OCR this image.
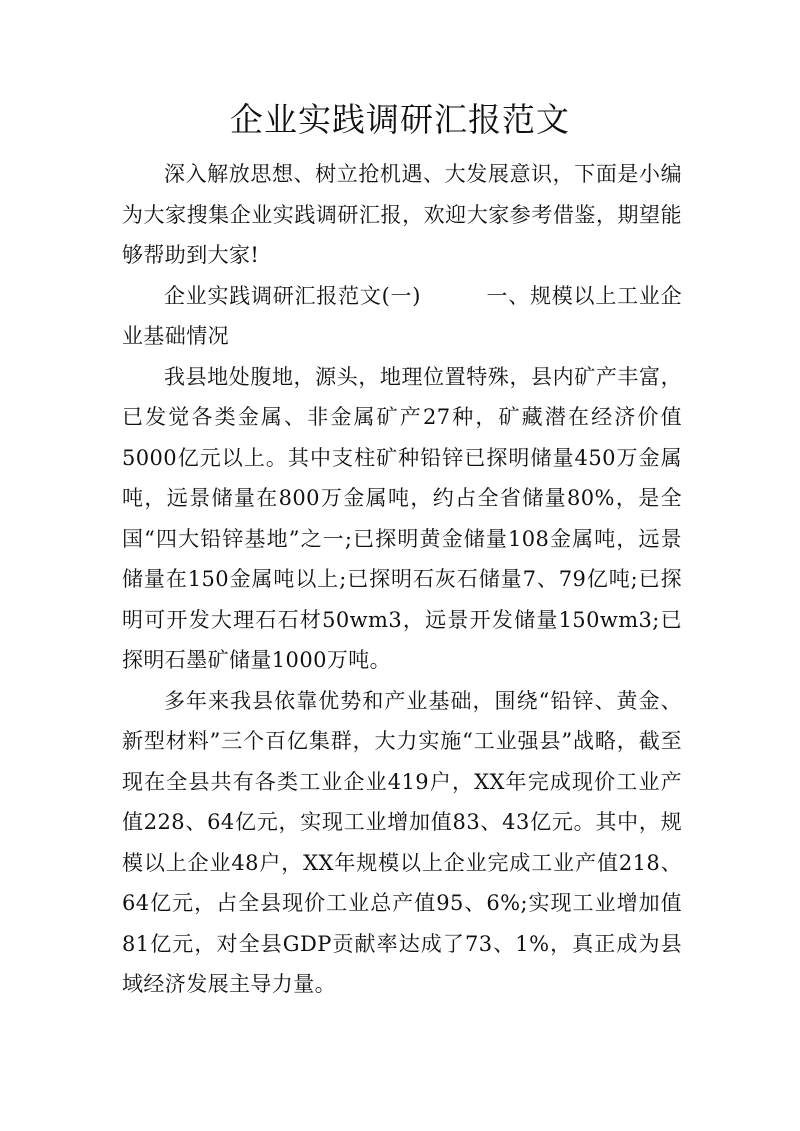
企业实践调研汇报范文

深入解放思想、树立抢机遇、大发展意识，下面是小编为大家搜集企业实践调研汇报，欢迎大家参考借鉴，期望能够帮助到大家!

企业实践调研汇报范文(一)　　　一、规模以上工业企业基础情况

我县地处腹地，源头，地理位置特殊，县内矿产丰富，已发觉各类金属、非金属矿产27种，矿藏潜在经济价值5000亿元以上。其中支柱矿种铅锌已探明储量450万金属吨，远景储量在800万金属吨，约占全省储量80%，是全国“四大铅锌基地”之一;已探明黄金储量108金属吨，远景储量在150金属吨以上;已探明石灰石储量7、79亿吨;已探明可开发大理石石材50wm3，远景开发储量150wm3;已探明石墨矿储量1000万吨。

多年来我县依靠优势和产业基础，围绕“铅锌、黄金、新型材料”三个百亿集群，大力实施“工业强县”战略，截至现在全县共有各类工业企业419户，XX年完成现价工业产值228、64亿元，实现工业增加值83、43亿元。其中，规模以上企业48户，XX年规模以上企业完成工业产值218、64亿元，占全县现价工业总产值95、6%;实现工业增加值81亿元，对全县GDP贡献率达成了73、1%，真正成为县域经济发展主导力量。
